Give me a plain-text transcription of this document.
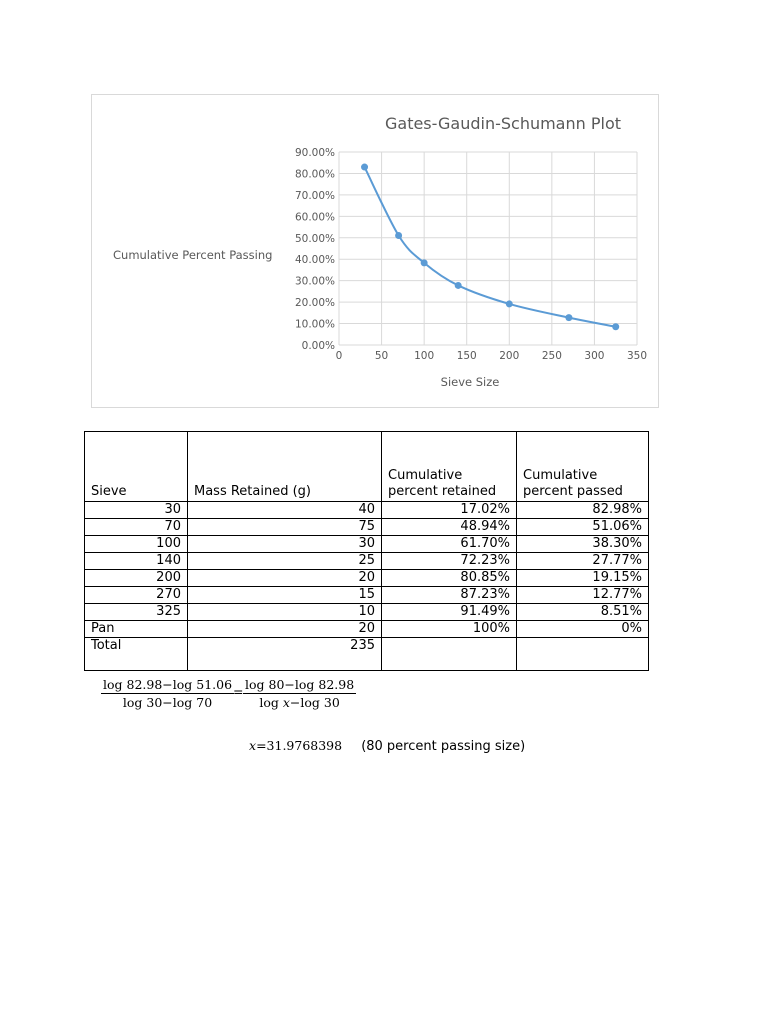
0.00%
10.00%
20.00%
30.00%
40.00%
50.00%
60.00%
70.00%
80.00%
90.00%
0	50 100 150 200 250 300 350
Gates-Gaudin-Schumann Plot
Sieve Size
Cumulative Percent Passing
Sieve	Mass Retained (g)	Cumulative percent retained	Cumulative percent passed
30	40	17.02%	82.98%
70	75	48.94%	51.06%
100	30	61.70%	38.30%
140	25	72.23%	27.77%
200	20	80.85%	19.15%
270	15	87.23%	12.77%
325	10	91.49%	8.51%
Pan	20	100%	0%
Total	235		
$\frac{\log 82.98-\log 51.06}{\log 30-\log 70}$
= $\frac{\log 80-\log 82.98}{\text{log x−log 30}}$
x=31.9768398 (80 percent passing size)
